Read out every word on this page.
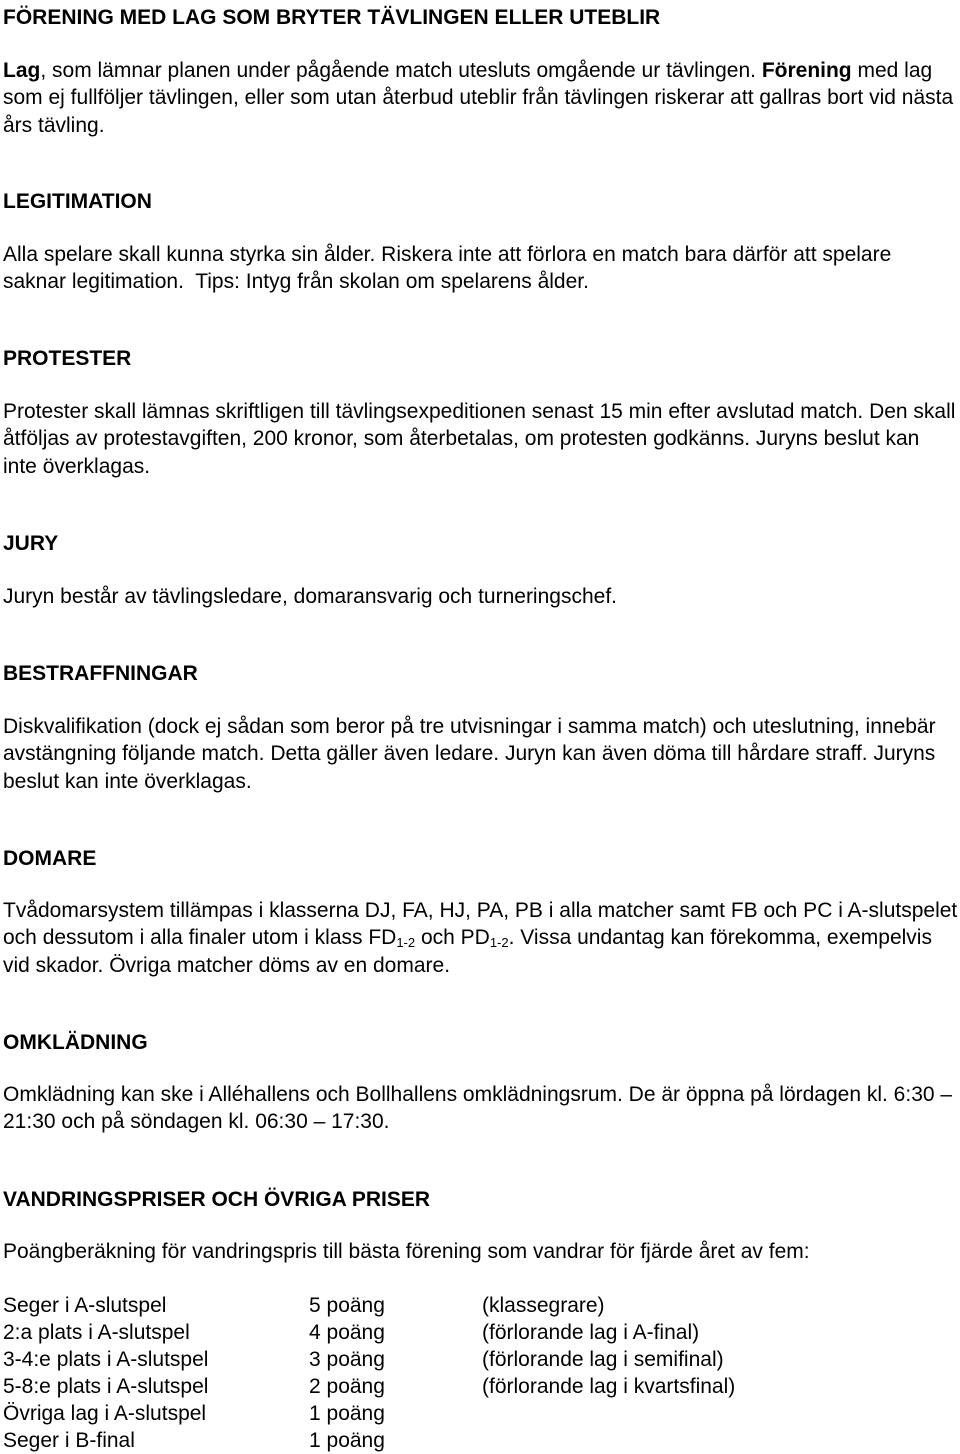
FÖRENING MED LAG SOM BRYTER TÄVLINGEN ELLER UTEBLIR
Lag, som lämnar planen under pågående match utesluts omgående ur tävlingen. Förening med lag som ej fullföljer tävlingen, eller som utan återbud uteblir från tävlingen riskerar att gallras bort vid nästa års tävling.
LEGITIMATION
Alla spelare skall kunna styrka sin ålder. Riskera inte att förlora en match bara därför att spelare saknar legitimation.  Tips: Intyg från skolan om spelarens ålder.
PROTESTER
Protester skall lämnas skriftligen till tävlingsexpeditionen senast 15 min efter avslutad match. Den skall åtföljas av protestavgiften, 200 kronor, som återbetalas, om protesten godkänns. Juryns beslut kan inte överklagas.
JURY
Juryn består av tävlingsledare, domaransvarig och turneringschef.
BESTRAFFNINGAR
Diskvalifikation (dock ej sådan som beror på tre utvisningar i samma match) och uteslutning, innebär avstängning följande match. Detta gäller även ledare. Juryn kan även döma till hårdare straff. Juryns beslut kan inte överklagas.
DOMARE
Tvådomarsystem tillämpas i klasserna DJ, FA, HJ, PA, PB i alla matcher samt FB och PC i A-slutspelet och dessutom i alla finaler utom i klass $FD_{1-2}$ och $PD_{1-2}$. Vissa undantag kan förekomma, exempelvis vid skador. Övriga matcher döms av en domare.
OMKLÄDNING
Omklädning kan ske i Alléhallens och Bollhallens omklädningsrum. De är öppna på lördagen kl. 6:30 – 21:30 och på söndagen kl. 06:30 – 17:30.
VANDRINGSPRISER OCH ÖVRIGA PRISER
Poängberäkning för vandringspris till bästa förening som vandrar för fjärde året av fem:
Seger i A-slutspel	5 poäng	(klassegrare)
2:a plats i A-slutspel	4 poäng	(förlorande lag i A-final)
3-4:e plats i A-slutspel	3 poäng	(förlorande lag i semifinal)
5-8:e plats i A-slutspel	2 poäng	(förlorande lag i kvartsfinal)
Övriga lag i A-slutspel	1 poäng
Seger i B-final	1 poäng
